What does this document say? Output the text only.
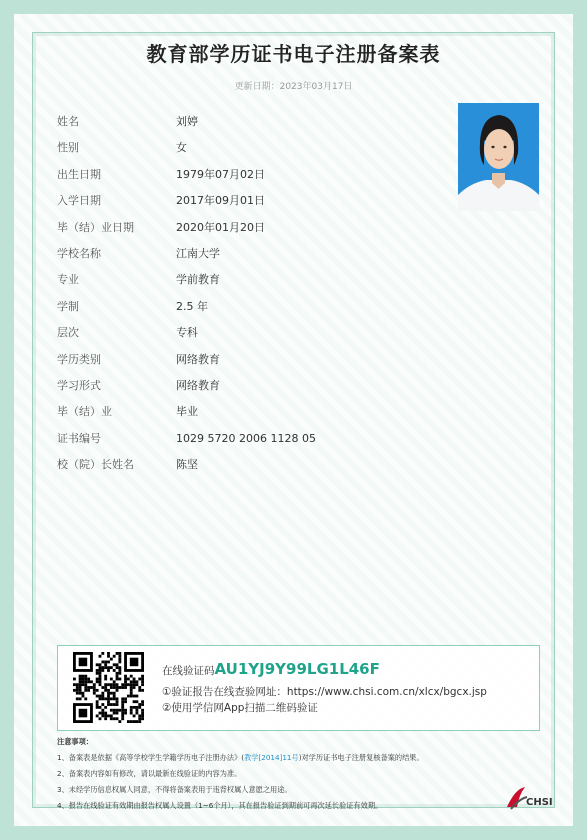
教育部学历证书电子注册备案表
更新日期：2023年03月17日
姓名	刘婷
性别	女
出生日期	1979年07月02日
入学日期	2017年09月01日
毕（结）业日期	2020年01月20日
学校名称	江南大学
专业	学前教育
学制	2.5 年
层次	专科
学历类别	网络教育
学习形式	网络教育
毕（结）业	毕业
证书编号	1029 5720 2006 1128 05
校（院）长姓名	陈坚
在线验证码AU1YJ9Y99LG1L46F
①验证报告在线查验网址：https://www.chsi.com.cn/xlcx/bgcx.jsp
②使用学信网App扫描二维码验证
注意事项：
1、备案表是依据《高等学校学生学籍学历电子注册办法》(教学[2014]11号)对学历证书电子注册复核备案的结果。
2、备案表内容如有修改，请以最新在线验证的内容为准。
3、未经学历信息权属人同意，不得将备案表用于违背权属人意愿之用途。
4、报告在线验证有效期由报告权属人设置（1~6个月），其在报告验证到期前可再次延长验证有效期。	CHSI
